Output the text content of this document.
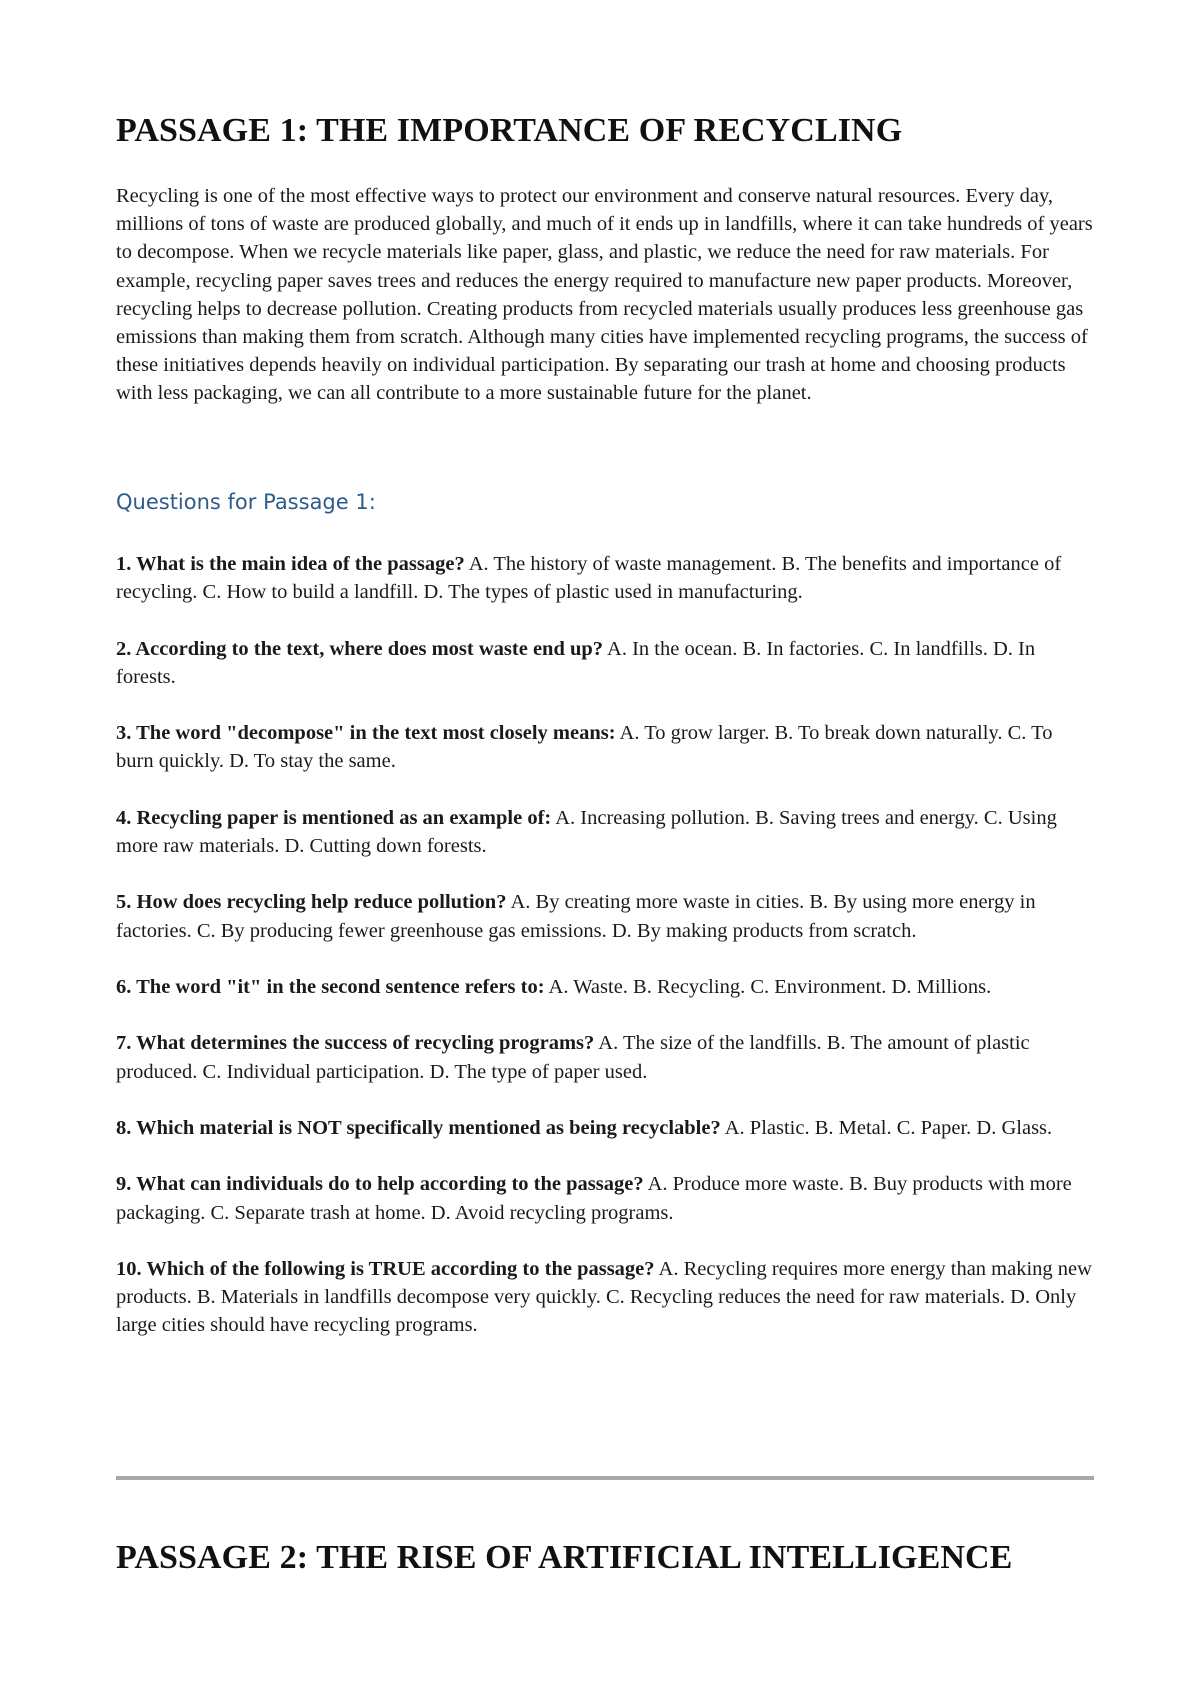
PASSAGE 1: THE IMPORTANCE OF RECYCLING

Recycling is one of the most effective ways to protect our environment and conserve natural resources. Every day, millions of tons of waste are produced globally, and much of it ends up in landfills, where it can take hundreds of years to decompose. When we recycle materials like paper, glass, and plastic, we reduce the need for raw materials. For example, recycling paper saves trees and reduces the energy required to manufacture new paper products. Moreover, recycling helps to decrease pollution. Creating products from recycled materials usually produces less greenhouse gas emissions than making them from scratch. Although many cities have implemented recycling programs, the success of these initiatives depends heavily on individual participation. By separating our trash at home and choosing products with less packaging, we can all contribute to a more sustainable future for the planet.

Questions for Passage 1:
1. What is the main idea of the passage? A. The history of waste management. B. The benefits and importance of recycling. C. How to build a landfill. D. The types of plastic used in manufacturing.
2. According to the text, where does most waste end up? A. In the ocean. B. In factories. C. In landfills. D. In forests.
3. The word "decompose" in the text most closely means: A. To grow larger. B. To break down naturally. C. To burn quickly. D. To stay the same.
4. Recycling paper is mentioned as an example of: A. Increasing pollution. B. Saving trees and energy. C. Using more raw materials. D. Cutting down forests.
5. How does recycling help reduce pollution? A. By creating more waste in cities. B. By using more energy in factories. C. By producing fewer greenhouse gas emissions. D. By making products from scratch.
6. The word "it" in the second sentence refers to: A. Waste. B. Recycling. C. Environment. D. Millions.
7. What determines the success of recycling programs? A. The size of the landfills. B. The amount of plastic produced. C. Individual participation. D. The type of paper used.
8. Which material is NOT specifically mentioned as being recyclable? A. Plastic. B. Metal. C. Paper. D. Glass.
9. What can individuals do to help according to the passage? A. Produce more waste. B. Buy products with more packaging. C. Separate trash at home. D. Avoid recycling programs.
10. Which of the following is TRUE according to the passage? A. Recycling requires more energy than making new products. B. Materials in landfills decompose very quickly. C. Recycling reduces the need for raw materials. D. Only large cities should have recycling programs.
PASSAGE 2: THE RISE OF ARTIFICIAL INTELLIGENCE
